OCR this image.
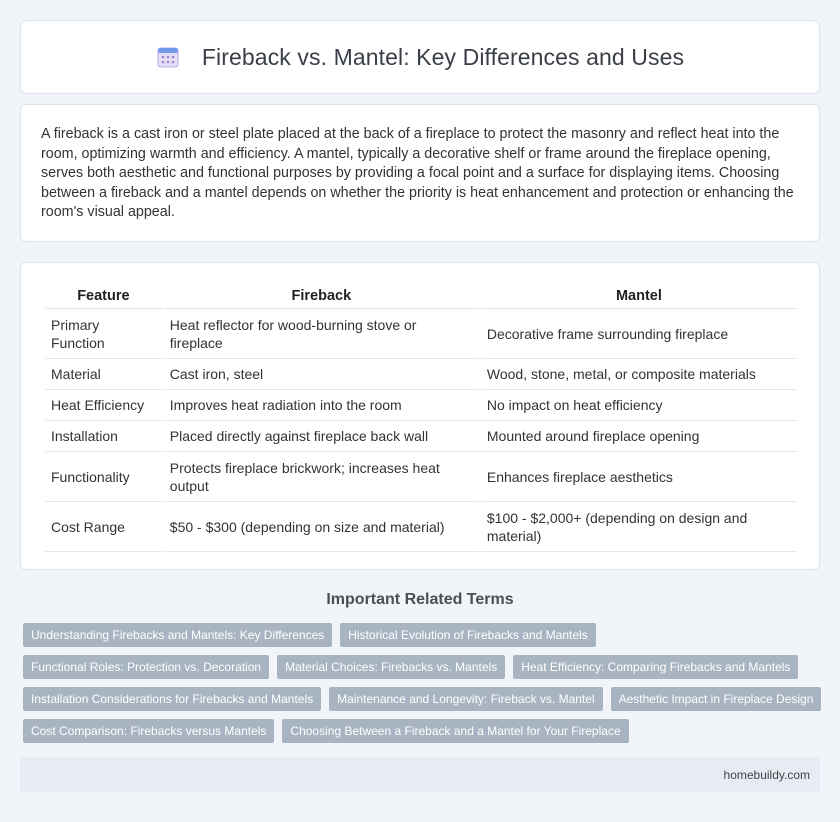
Fireback vs. Mantel: Key Differences and Uses

A fireback is a cast iron or steel plate placed at the back of a fireplace to protect the masonry and reflect heat into the room, optimizing warmth and efficiency. A mantel, typically a decorative shelf or frame around the fireplace opening, serves both aesthetic and functional purposes by providing a focal point and a surface for displaying items. Choosing between a fireback and a mantel depends on whether the priority is heat enhancement and protection or enhancing the room's visual appeal.

Feature	Fireback	Mantel
Primary Function	Heat reflector for wood-burning stove or fireplace	Decorative frame surrounding fireplace
Material	Cast iron, steel	Wood, stone, metal, or composite materials
Heat Efficiency	Improves heat radiation into the room	No impact on heat efficiency
Installation	Placed directly against fireplace back wall	Mounted around fireplace opening
Functionality	Protects fireplace brickwork; increases heat output	Enhances fireplace aesthetics
Cost Range	$50 - $300 (depending on size and material)	$100 - $2,000+ (depending on design and material)
Important Related Terms
Understanding Firebacks and Mantels: Key Differences	Historical Evolution of Firebacks and Mantels
Functional Roles: Protection vs. Decoration	Material Choices: Firebacks vs. Mantels	Heat Efficiency: Comparing Firebacks and Mantels
Installation Considerations for Firebacks and Mantels	Maintenance and Longevity: Fireback vs. Mantel	Aesthetic Impact in Fireplace Design
Cost Comparison: Firebacks versus Mantels	Choosing Between a Fireback and a Mantel for Your Fireplace
homebuildy.com
